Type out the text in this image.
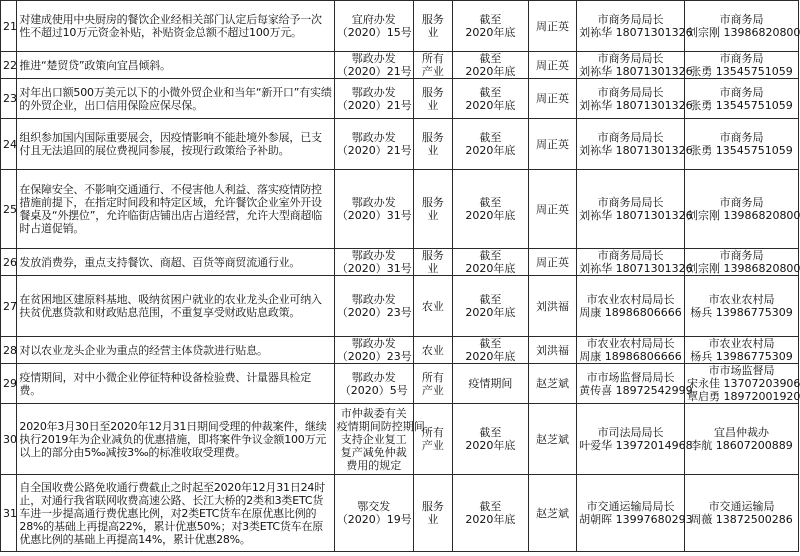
21	对建成使用中央厨房的餐饮企业经相关部门认定后每家给予一次性不超过10万元资金补贴，补贴资金总额不超过100万元。	宜府办发
（2020）15号	服务
业	截至
2020年底	周正英	市商务局局长
刘袮华 18071301326	市商务局
刘宗刚 13986820800

22	推进“楚贸贷”政策向宜昌倾斜。	鄂政办发
（2020）21号	所有
产业	截至
2020年底	周正英	市商务局局长
刘袮华 18071301326	市商务局
张勇 13545751059

23	对年出口额500万美元以下的小微外贸企业和当年“新开口”有实绩的外贸企业，出口信用保险应保尽保。	鄂政办发
（2020）21号	服务
业	截至
2020年底	周正英	市商务局局长
刘袮华 18071301326	市商务局
张勇 13545751059

24	组织参加国内国际重要展会，因疫情影响不能赴境外参展，已支付且无法追回的展位费视同参展，按现行政策给予补助。	鄂政办发
（2020）21号	服务
业	截至
2020年底	周正英	市商务局局长
刘袮华 18071301326	市商务局
张勇 13545751059

25	在保障安全、不影响交通通行、不侵害他人利益、落实疫情防控措施前提下，在指定时间段和特定区域，允许餐饮企业室外开设餐桌及“外摆位”，允许临街店铺出店占道经营，允许大型商超临时占道促销。	鄂政办发
（2020）31号	服务
业	截至
2020年底	周正英	市商务局局长
刘袮华 18071301326	市商务局
刘宗刚 13986820800

26	发放消费券，重点支持餐饮、商超、百货等商贸流通行业。	鄂政办发
（2020）31号	服务
业	截至
2020年底	周正英	市商务局局长
刘袮华 18071301326	市商务局
刘宗刚 13986820800

27	在贫困地区建原料基地、吸纳贫困户就业的农业龙头企业可纳入扶贫优惠贷款和财政贴息范围，不重复享受财政贴息政策。	鄂政办发
（2020）23号	农业	截至
2020年底	刘洪福	市农业农村局局长
周康 18986806666	市农业农村局
杨兵 13986775309

28	对以农业龙头企业为重点的经营主体贷款进行贴息。	鄂政办发
（2020）23号	农业	截至
2020年底	刘洪福	市农业农村局局长
周康 18986806666	市农业农村局
杨兵 13986775309

29	疫情期间，对中小微企业停征特种设备检验费、计量器具检定费。	鄂政办发
（2020）5号	所有
产业	疫情期间	赵芝斌	市市场监督局局长
黄传喜 18972542999	市市场监督局
宋永佳 13707203906
覃启勇 18972001920

30	2020年3月30日至2020年12月31日期间受理的仲裁案件，继续执行2019年为企业减负的优惠措施，即将案件争议金额100万元以上的部分由5‰减按3‰的标准收取受理费。	市仲裁委有关
疫情期间防控期间
支持企业复工
复产减免仲裁
费用的规定	所有
产业	截至
2020年底	赵芝斌	市司法局局长
叶爱华 13972014968	宜昌仲裁办
李航 18607200889

31	自全国收费公路免收通行费截止之时起至2020年12月31日24时止，对通行我省联网收费高速公路、长江大桥的2类和3类ETC货车进一步提高通行费优惠比例，对2类ETC货车在原优惠比例的28%的基础上再提高22%，累计优惠50%；对3类ETC货车在原优惠比例的基础上再提高14%，累计优惠28%。	鄂交发
（2020）19号	服务
业	截至
2020年底	赵芝斌	市交通运输局局长
胡朝晖 13997680293	市交通运输局
周薇 13872500286
